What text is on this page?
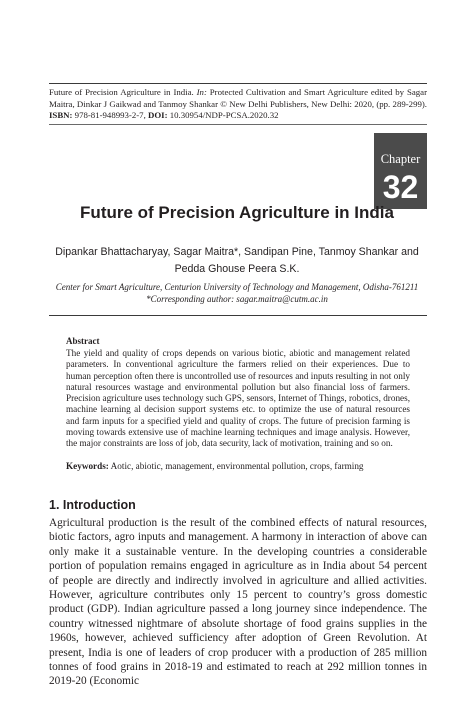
Future of Precision Agriculture in India. In: Protected Cultivation and Smart Agriculture edited by Sagar Maitra, Dinkar J Gaikwad and Tanmoy Shankar © New Delhi Publishers, New Delhi: 2020, (pp. 289-299). ISBN: 978-81-948993-2-7, DOI: 10.30954/NDP-PCSA.2020.32
Chapter
32
Future of Precision Agriculture in India
Dipankar Bhattacharyay, Sagar Maitra*, Sandipan Pine, Tanmoy Shankar and Pedda Ghouse Peera S.K.
Center for Smart Agriculture, Centurion University of Technology and Management, Odisha-761211
*Corresponding author: sagar.maitra@cutm.ac.in
Abstract
The yield and quality of crops depends on various biotic, abiotic and management related parameters. In conventional agriculture the farmers relied on their experiences. Due to human perception often there is uncontrolled use of resources and inputs resulting in not only natural resources wastage and environmental pollution but also financial loss of farmers. Precision agriculture uses technology such GPS, sensors, Internet of Things, robotics, drones, machine learning al decision support systems etc. to optimize the use of natural resources and farm inputs for a specified yield and quality of crops. The future of precision farming is moving towards extensive use of machine learning techniques and image analysis. However, the major constraints are loss of job, data security, lack of motivation, training and so on.
Keywords: Aotic, abiotic, management, environmental pollution, crops, farming
1. Introduction
Agricultural production is the result of the combined effects of natural resources, biotic factors, agro inputs and management. A harmony in interaction of above can only make it a sustainable venture. In the developing countries a considerable portion of population remains engaged in agriculture as in India about 54 percent of people are directly and indirectly involved in agriculture and allied activities. However, agriculture contributes only 15 percent to country’s gross domestic product (GDP). Indian agriculture passed a long journey since independence. The country witnessed nightmare of absolute shortage of food grains supplies in the 1960s, however, achieved sufficiency after adoption of Green Revolution. At present, India is one of leaders of crop producer with a production of 285 million tonnes of food grains in 2018-19 and estimated to reach at 292 million tonnes in 2019-20 (Economic
